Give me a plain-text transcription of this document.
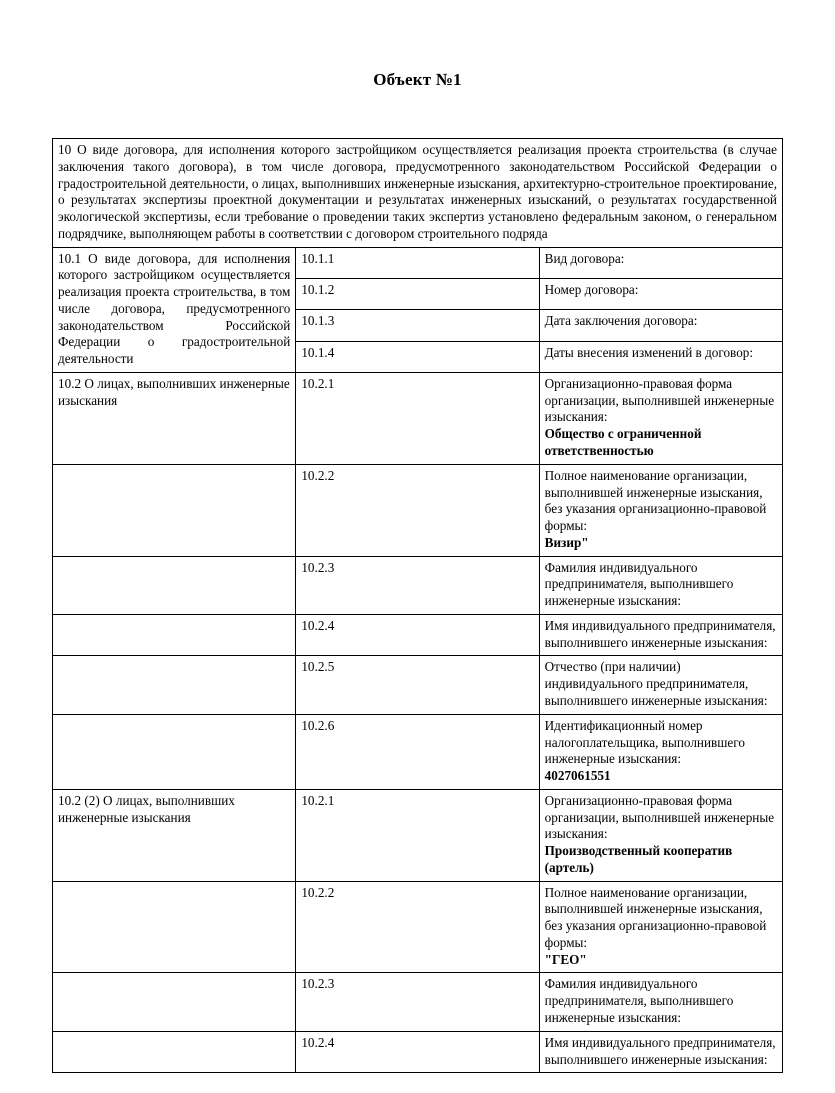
Объект №1
10 О виде договора, для исполнения которого застройщиком осуществляется реализация проекта строительства (в случае заключения такого договора), в том числе договора, предусмотренного законодательством Российской Федерации о градостроительной деятельности, о лицах, выполнивших инженерные изыскания, архитектурно-строительное проектирование, о результатах экспертизы проектной документации и результатах инженерных изысканий, о результатах государственной экологической экспертизы, если требование о проведении таких экспертиз установлено федеральным законом, о генеральном подрядчике, выполняющем работы в соответствии с договором строительного подряда		
10.1 О виде договора, для исполнения которого застройщиком осуществляется реализация проекта строительства, в том числе договора, предусмотренного законодательством Российской Федерации о градостроительной деятельности	10.1.1	Вид договора:

	10.1.2	Номер договора:

	10.1.3	Дата заключения договора:

	10.1.4	Даты внесения изменений в договор:

10.2 О лицах, выполнивших инженерные изыскания	10.2.1	Организационно-правовая форма организации, выполнившей инженерные изыскания:
Общество с ограниченной ответственностью

	10.2.2	Полное наименование организации, выполнившей инженерные изыскания, без указания организационно-правовой формы:
Визир"

	10.2.3	Фамилия индивидуального предпринимателя, выполнившего инженерные изыскания:

	10.2.4	Имя индивидуального предпринимателя, выполнившего инженерные изыскания:

	10.2.5	Отчество (при наличии) индивидуального предпринимателя, выполнившего инженерные изыскания:

	10.2.6	Идентификационный номер налогоплательщика, выполнившего инженерные изыскания:
4027061551

10.2 (2) О лицах, выполнивших инженерные изыскания	10.2.1	Организационно-правовая форма организации, выполнившей инженерные изыскания:
Производственный кооператив (артель)

	10.2.2	Полное наименование организации, выполнившей инженерные изыскания, без указания организационно-правовой формы:
"ГЕО"

	10.2.3	Фамилия индивидуального предпринимателя, выполнившего инженерные изыскания:

	10.2.4	Имя индивидуального предпринимателя, выполнившего инженерные изыскания:
